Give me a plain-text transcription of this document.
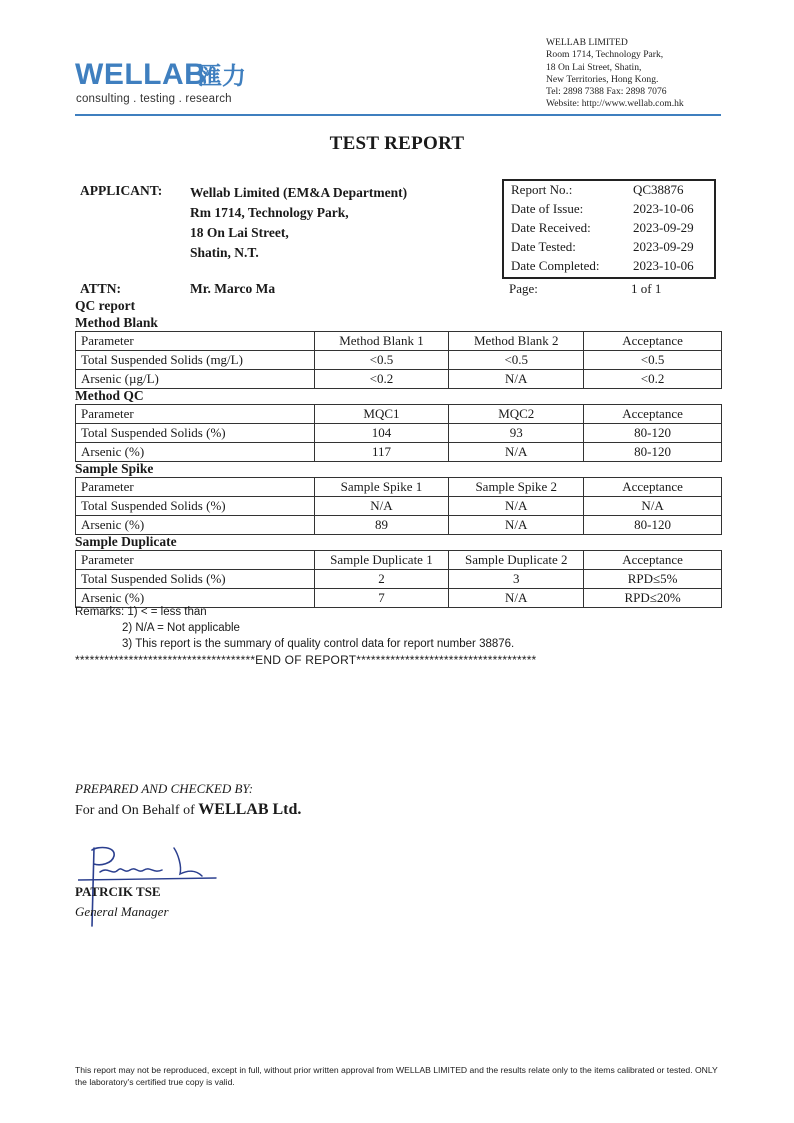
WELLAB
匯力
consulting . testing . research
WELLAB LIMITED
Room 1714, Technology Park,
18 On Lai Street, Shatin,
New Territories, Hong Kong.
Tel: 2898 7388 Fax: 2898 7076
Website: http://www.wellab.com.hk
TEST REPORT
APPLICANT: Wellab Limited (EM&A Department)
Rm 1714, Technology Park,
18 On Lai Street,
Shatin, N.T.
ATTN:	Mr. Marco Ma
Report No.:	QC38876
Date of Issue:	2023-10-06
Date Received:	2023-09-29
Date Tested:	2023-09-29
Date Completed:	2023-10-06
Page:	1 of 1
QC report
Method Blank
Parameter	Method Blank 1	Method Blank 2	Acceptance
Total Suspended Solids (mg/L)	<0.5	<0.5	<0.5
Arsenic (µg/L)	<0.2	N/A	<0.2
Method QC
Parameter	MQC1	MQC2	Acceptance
Total Suspended Solids (%)	104	93	80-120
Arsenic (%)	117	N/A	80-120
Sample Spike
Parameter	Sample Spike 1	Sample Spike 2	Acceptance
Total Suspended Solids (%)	N/A	N/A	N/A
Arsenic (%)	89	N/A	80-120
Sample Duplicate
Parameter	Sample Duplicate 1	Sample Duplicate 2	Acceptance
Total Suspended Solids (%)	2	3	RPD≤5%
Arsenic (%)	7	N/A	RPD≤20%
Remarks: 1) < = less than
2) N/A = Not applicable
3) This report is the summary of quality control data for report number 38876.
*************************************END OF REPORT*************************************
PREPARED AND CHECKED BY:
For and On Behalf of WELLAB Ltd.
PATRCIK TSE
General Manager
This report may not be reproduced, except in full, without prior written approval from WELLAB LIMITED and the results relate only to the items calibrated or tested. ONLY the laboratory's certified true copy is valid.
